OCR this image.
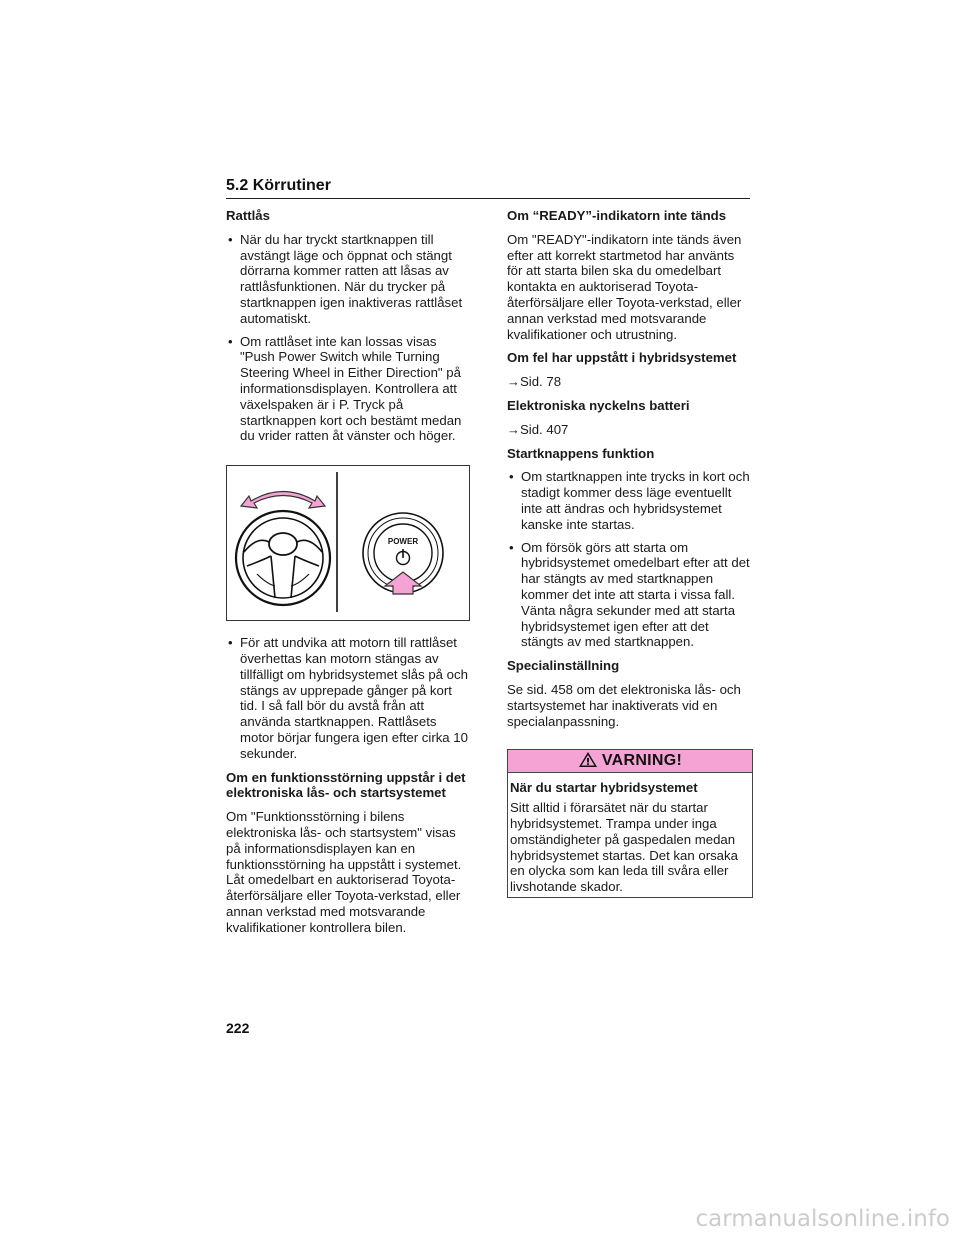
5.2 Körrutiner
Rattlås
• När du har tryckt startknappen till avstängt läge och öppnat och stängt dörrarna kommer ratten att låsas av rattlåsfunktionen. När du trycker på startknappen igen inaktiveras rattlåset automatiskt.
• Om rattlåset inte kan lossas visas "Push Power Switch while Turning Steering Wheel in Either Direction" på informationsdisplayen. Kontrollera att växelspaken är i P. Tryck på startknappen kort och bestämt medan du vrider ratten åt vänster och höger.
POWER
• För att undvika att motorn till rattlåset överhettas kan motorn stängas av tillfälligt om hybridsystemet slås på och stängs av upprepade gånger på kort tid. I så fall bör du avstå från att använda startknappen. Rattlåsets motor börjar fungera igen efter cirka 10 sekunder.
Om en funktionsstörning uppstår i det elektroniska lås- och startsystemet

Om "Funktionsstörning i bilens elektroniska lås- och startsystem" visas på informationsdisplayen kan en funktionsstörning ha uppstått i systemet. Låt omedelbart en auktoriserad Toyota-återförsäljare eller Toyota-verkstad, eller annan verkstad med motsvarande kvalifikationer kontrollera bilen.

Om “READY”-indikatorn inte tänds

Om "READY"-indikatorn inte tänds även efter att korrekt startmetod har använts för att starta bilen ska du omedelbart kontakta en auktoriserad Toyota-återförsäljare eller Toyota-verkstad, eller annan verkstad med motsvarande kvalifikationer och utrustning.

Om fel har uppstått i hybridsystemet
→Sid. 78
Elektroniska nyckelns batteri
→Sid. 407
Startknappens funktion
• Om startknappen inte trycks in kort och stadigt kommer dess läge eventuellt inte att ändras och hybridsystemet kanske inte startas.
• Om försök görs att starta om hybridsystemet omedelbart efter att det har stängts av med startknappen kommer det inte att starta i vissa fall. Vänta några sekunder med att starta hybridsystemet igen efter att det stängts av med startknappen.
Specialinställning

Se sid. 458 om det elektroniska lås- och startsystemet har inaktiverats vid en specialanpassning.

VARNING!
När du startar hybridsystemet

Sitt alltid i förarsätet när du startar hybridsystemet. Trampa under inga omständigheter på gaspedalen medan hybridsystemet startas. Det kan orsaka en olycka som kan leda till svåra eller livshotande skador.

222
carmanualsonline.info
